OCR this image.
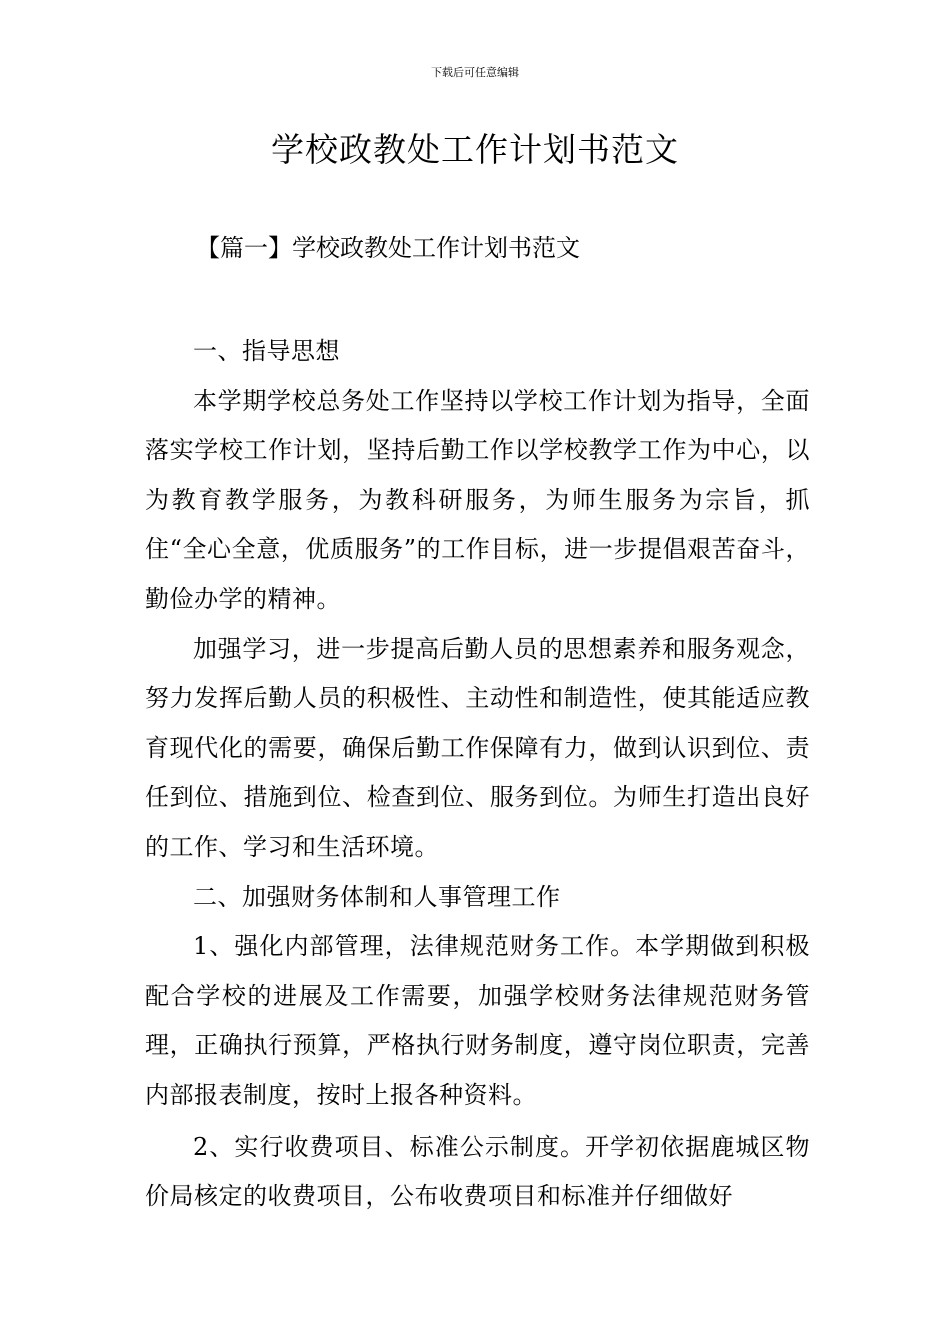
下载后可任意编辑
学校政教处工作计划书范文
【篇一】学校政教处工作计划书范文

一、指导思想

本学期学校总务处工作坚持以学校工作计划为指导，全面落实学校工作计划，坚持后勤工作以学校教学工作为中心，以为教育教学服务，为教科研服务，为师生服务为宗旨，抓住“全心全意，优质服务”的工作目标，进一步提倡艰苦奋斗，勤俭办学的精神。

加强学习，进一步提高后勤人员的思想素养和服务观念，努力发挥后勤人员的积极性、主动性和制造性，使其能适应教育现代化的需要，确保后勤工作保障有力，做到认识到位、责任到位、措施到位、检查到位、服务到位。为师生打造出良好的工作、学习和生活环境。

二、加强财务体制和人事管理工作

1、强化内部管理，法律规范财务工作。本学期做到积极配合学校的进展及工作需要，加强学校财务法律规范财务管理，正确执行预算，严格执行财务制度，遵守岗位职责，完善内部报表制度，按时上报各种资料。

2、实行收费项目、标准公示制度。开学初依据鹿城区物价局核定的收费项目，公布收费项目和标准并仔细做好
